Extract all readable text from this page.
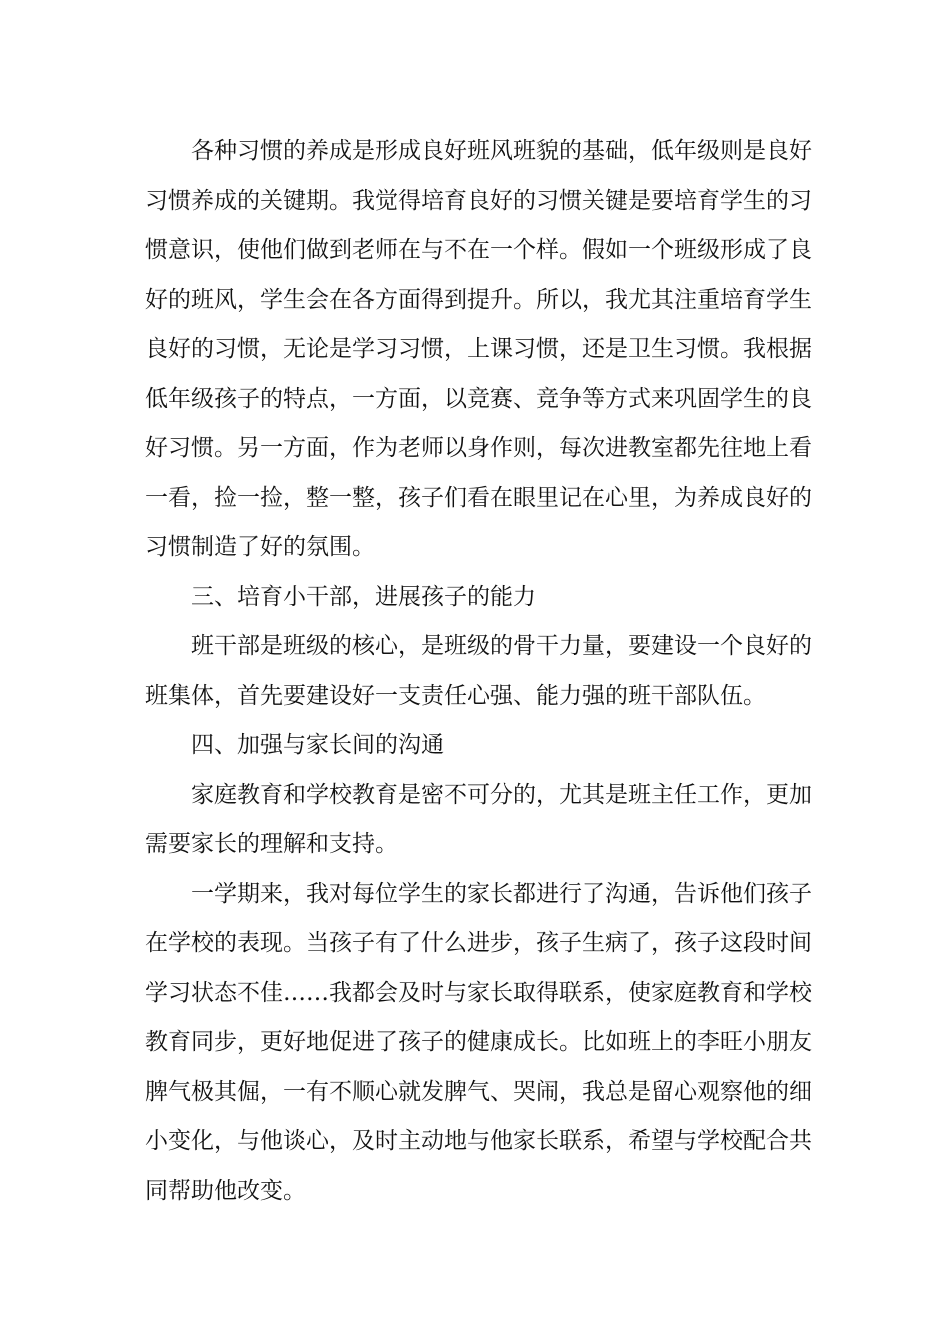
各种习惯的养成是形成良好班风班貌的基础，低年级则是良好
习惯养成的关键期。我觉得培育良好的习惯关键是要培育学生的习
惯意识，使他们做到老师在与不在一个样。假如一个班级形成了良
好的班风，学生会在各方面得到提升。所以，我尤其注重培育学生
良好的习惯，无论是学习习惯，上课习惯，还是卫生习惯。我根据
低年级孩子的特点，一方面，以竞赛、竞争等方式来巩固学生的良
好习惯。另一方面，作为老师以身作则，每次进教室都先往地上看
一看，捡一捡，整一整，孩子们看在眼里记在心里，为养成良好的
习惯制造了好的氛围。

三、培育小干部，进展孩子的能力

班干部是班级的核心，是班级的骨干力量，要建设一个良好的
班集体，首先要建设好一支责任心强、能力强的班干部队伍。

四、加强与家长间的沟通

家庭教育和学校教育是密不可分的，尤其是班主任工作，更加
需要家长的理解和支持。

一学期来，我对每位学生的家长都进行了沟通，告诉他们孩子
在学校的表现。当孩子有了什么进步，孩子生病了，孩子这段时间
学习状态不佳……我都会及时与家长取得联系，使家庭教育和学校
教育同步，更好地促进了孩子的健康成长。比如班上的李旺小朋友
脾气极其倔，一有不顺心就发脾气、哭闹，我总是留心观察他的细
小变化，与他谈心，及时主动地与他家长联系，希望与学校配合共
同帮助他改变。
